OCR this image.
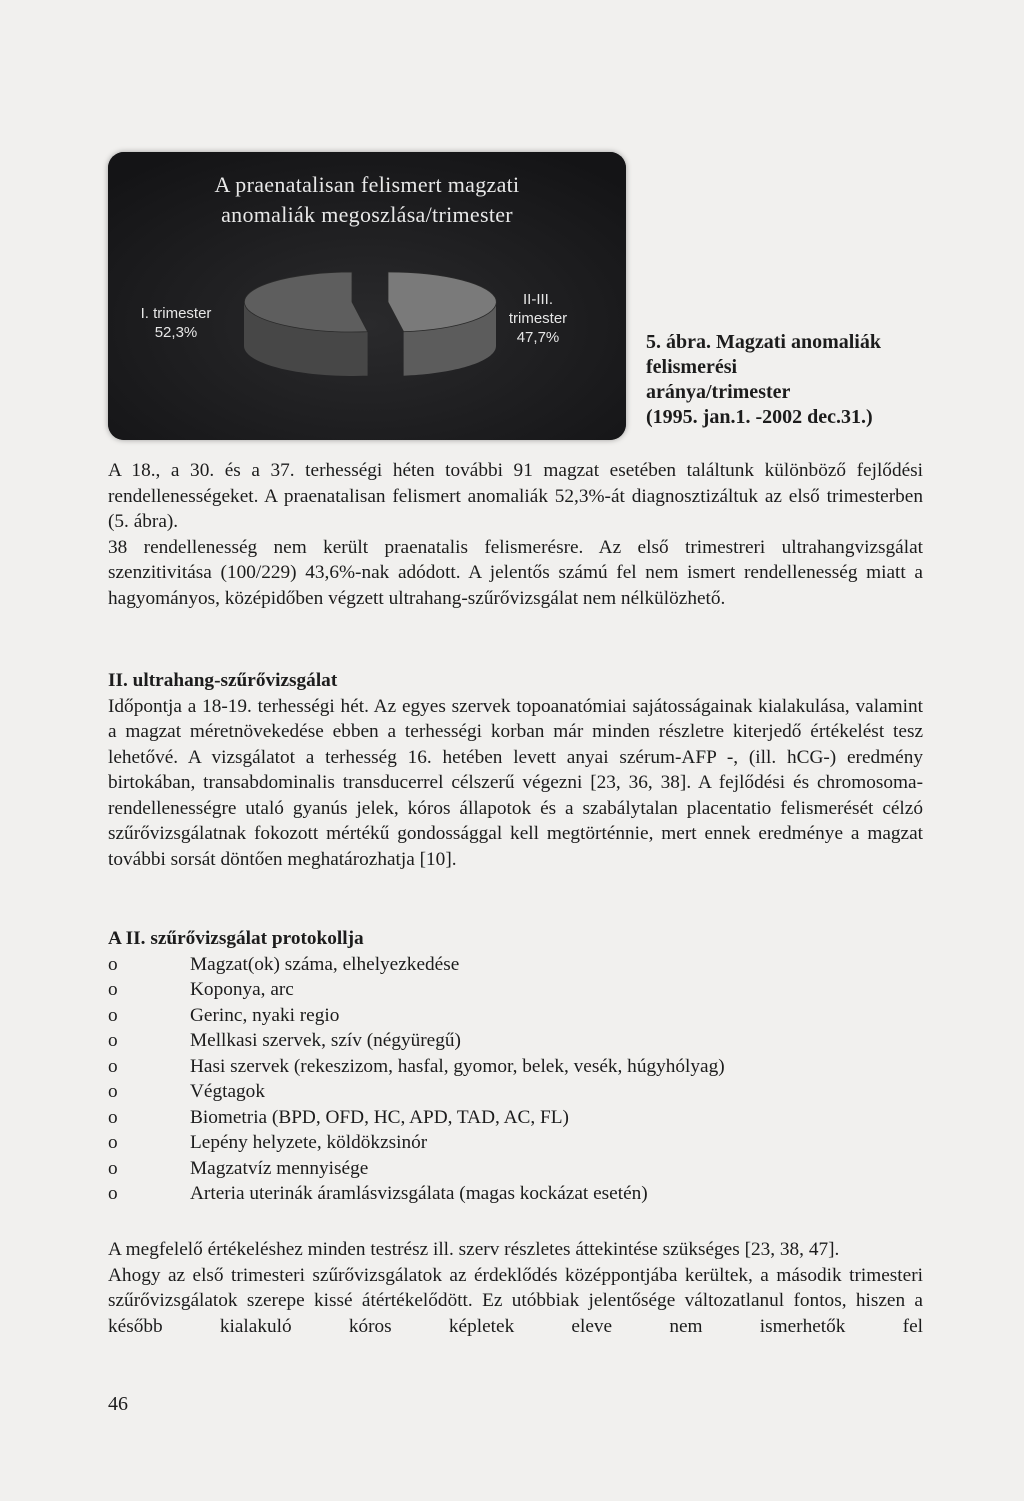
A praenatalisan felismert magzati
anomaliák megoszlása/trimester
I. trimester
52,3%
II-III.
trimester
47,7%	5. ábra. Magzati anomaliák
felismerési
aránya/trimester
(1995. jan.1. -2002 dec.31.)

A 18., a 30. és a 37. terhességi héten további 91 magzat esetében találtunk különböző fejlődési rendellenességeket. A praenatalisan felismert anomaliák 52,3%-át diagnosztizáltuk az első trimesterben (5. ábra).

38 rendellenesség nem került praenatalis felismerésre. Az első trimestreri ultrahangvizsgálat szenzitivitása (100/229) 43,6%-nak adódott. A jelentős számú fel nem ismert rendellenesség miatt a hagyományos, középidőben végzett ultrahang-szűrővizsgálat nem nélkülözhető.

II. ultrahang-szűrővizsgálat

Időpontja a 18-19. terhességi hét. Az egyes szervek topoanatómiai sajátosságainak kialakulása, valamint a magzat méretnövekedése ebben a terhességi korban már minden részletre kiterjedő értékelést tesz lehetővé. A vizsgálatot a terhesség 16. hetében levett anyai szérum-AFP -, (ill. hCG-) eredmény birtokában, transabdominalis transducerrel célszerű végezni [23, 36, 38]. A fejlődési és chromosoma-rendellenességre utaló gyanús jelek, kóros állapotok és a szabálytalan placentatio felismerését célzó szűrővizsgálatnak fokozott mértékű gondossággal kell megtörténnie, mert ennek eredménye a magzat további sorsát döntően meghatározhatja [10].

A II. szűrővizsgálat protokollja

o	Magzat(ok) száma, elhelyezkedése
o	Koponya, arc
o	Gerinc, nyaki regio
o	Mellkasi szervek, szív (négyüregű)
o	Hasi szervek (rekeszizom, hasfal, gyomor, belek, vesék, húgyhólyag)
o	Végtagok
o	Biometria (BPD, OFD, HC, APD, TAD, AC, FL)
o	Lepény helyzete, köldökzsinór
o	Magzatvíz mennyisége
o	Arteria uterinák áramlásvizsgálata (magas kockázat esetén)

A megfelelő értékeléshez minden testrész ill. szerv részletes áttekintése szükséges [23, 38, 47].

Ahogy az első trimesteri szűrővizsgálatok az érdeklődés középpontjába kerültek, a második trimesteri szűrővizsgálatok szerepe kissé átértékelődött. Ez utóbbiak jelentősége változatlanul fontos, hiszen a később kialakuló kóros képletek eleve nem ismerhetők fel

46
